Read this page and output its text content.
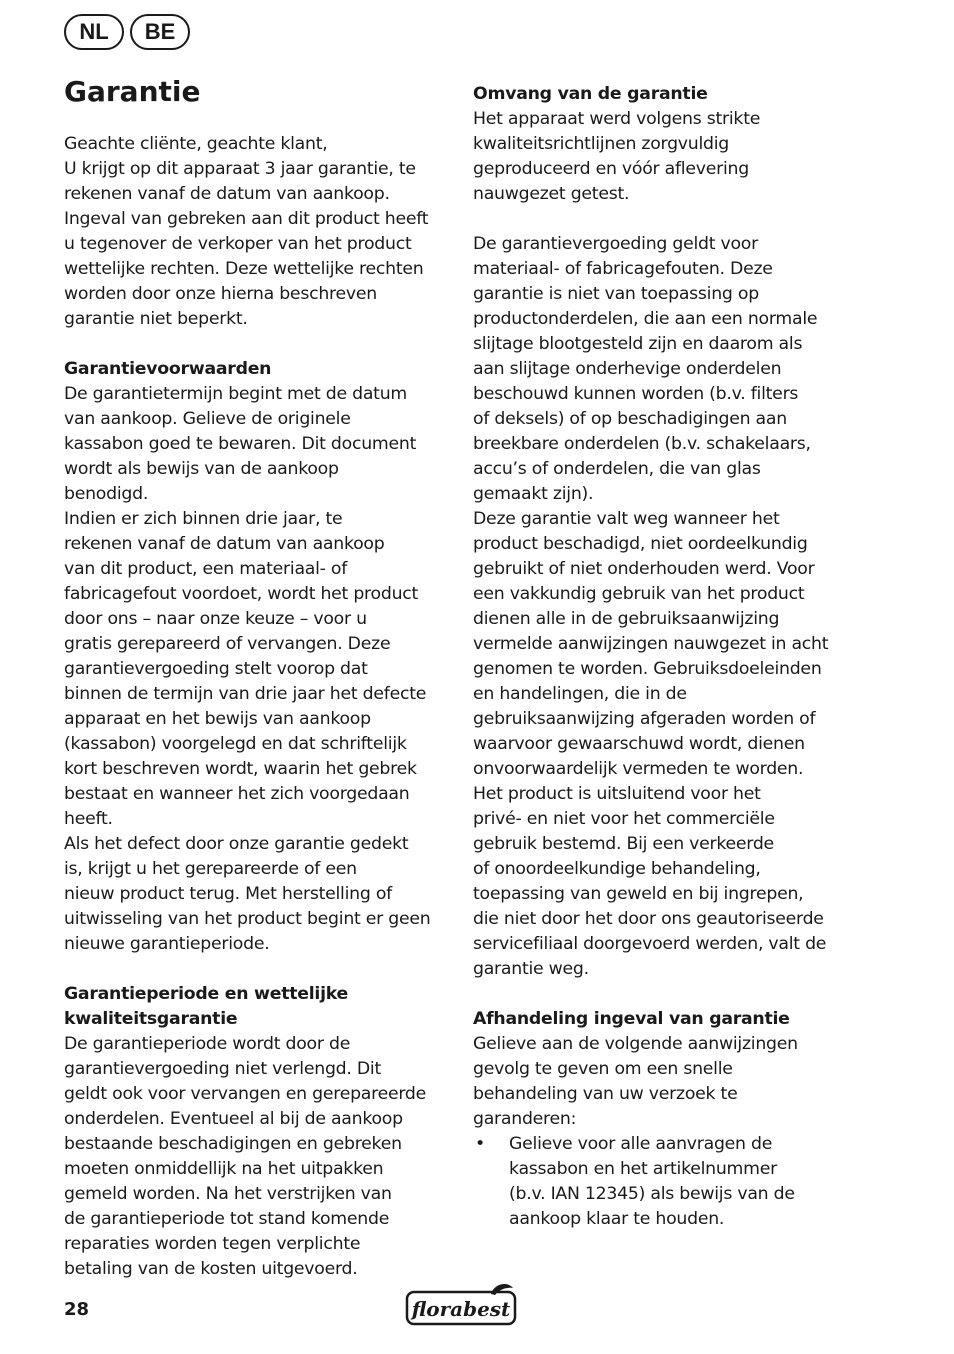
NL	BE
Garantie
Geachte cliënte, geachte klant,
U krijgt op dit apparaat 3 jaar garantie, te
rekenen vanaf de datum van aankoop.
Ingeval van gebreken aan dit product heeft
u tegenover de verkoper van het product
wettelijke rechten. Deze wettelijke rechten
worden door onze hierna beschreven
garantie niet beperkt.
Garantievoorwaarden
De garantietermijn begint met de datum
van aankoop. Gelieve de originele
kassabon goed te bewaren. Dit document
wordt als bewijs van de aankoop
benodigd.
Indien er zich binnen drie jaar, te
rekenen vanaf de datum van aankoop
van dit product, een materiaal- of
fabricagefout voordoet, wordt het product
door ons – naar onze keuze – voor u
gratis gerepareerd of vervangen. Deze
garantievergoeding stelt voorop dat
binnen de termijn van drie jaar het defecte
apparaat en het bewijs van aankoop
(kassabon) voorgelegd en dat schriftelijk
kort beschreven wordt, waarin het gebrek
bestaat en wanneer het zich voorgedaan
heeft.
Als het defect door onze garantie gedekt
is, krijgt u het gerepareerde of een
nieuw product terug. Met herstelling of
uitwisseling van het product begint er geen
nieuwe garantieperiode.
Garantieperiode en wettelijke
kwaliteitsgarantie
De garantieperiode wordt door de
garantievergoeding niet verlengd. Dit
geldt ook voor vervangen en gerepareerde
onderdelen. Eventueel al bij de aankoop
bestaande beschadigingen en gebreken
moeten onmiddellijk na het uitpakken
gemeld worden. Na het verstrijken van
de garantieperiode tot stand komende
reparaties worden tegen verplichte
betaling van de kosten uitgevoerd.
Omvang van de garantie
Het apparaat werd volgens strikte
kwaliteitsrichtlijnen zorgvuldig
geproduceerd en vóór aflevering
nauwgezet getest.
De garantievergoeding geldt voor
materiaal- of fabricagefouten. Deze
garantie is niet van toepassing op
productonderdelen, die aan een normale
slijtage blootgesteld zijn en daarom als
aan slijtage onderhevige onderdelen
beschouwd kunnen worden (b.v. filters
of deksels) of op beschadigingen aan
breekbare onderdelen (b.v. schakelaars,
accu’s of onderdelen, die van glas
gemaakt zijn).
Deze garantie valt weg wanneer het
product beschadigd, niet oordeelkundig
gebruikt of niet onderhouden werd. Voor
een vakkundig gebruik van het product
dienen alle in de gebruiksaanwijzing
vermelde aanwijzingen nauwgezet in acht
genomen te worden. Gebruiksdoeleinden
en handelingen, die in de
gebruiksaanwijzing afgeraden worden of
waarvoor gewaarschuwd wordt, dienen
onvoorwaardelijk vermeden te worden.
Het product is uitsluitend voor het
privé- en niet voor het commerciële
gebruik bestemd. Bij een verkeerde
of onoordeelkundige behandeling,
toepassing van geweld en bij ingrepen,
die niet door het door ons geautoriseerde
servicefiliaal doorgevoerd werden, valt de
garantie weg.
Afhandeling ingeval van garantie
Gelieve aan de volgende aanwijzingen
gevolg te geven om een snelle
behandeling van uw verzoek te
garanderen:
• Gelieve voor alle aanvragen de
kassabon en het artikelnummer
(b.v. IAN 12345) als bewijs van de
aankoop klaar te houden.
28	florabest
